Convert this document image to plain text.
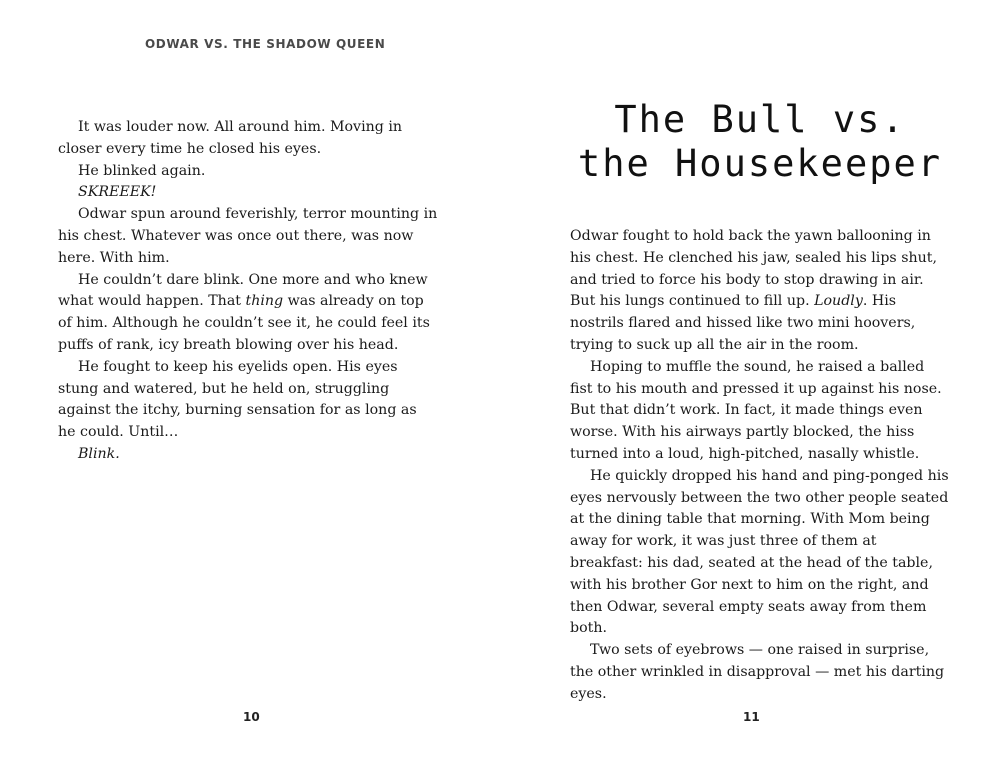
ODWAR VS. THE SHADOW QUEEN

It was louder now. All around him. Moving in closer every time he closed his eyes.

He blinked again.

SKREEEK!

Odwar spun around feverishly, terror mounting in his chest. Whatever was once out there, was now here. With him.

He couldn’t dare blink. One more and who knew what would happen. That thing was already on top of him. Although he couldn’t see it, he could feel its puffs of rank, icy breath blowing over his head.

He fought to keep his eyelids open. His eyes stung and watered, but he held on, struggling against the itchy, burning sensation for as long as he could. Until…

Blink.

10
The Bull vs.
the Housekeeper

Odwar fought to hold back the yawn ballooning in his chest. He clenched his jaw, sealed his lips shut, and tried to force his body to stop drawing in air. But his lungs continued to fill up. Loudly. His nostrils flared and hissed like two mini hoovers, trying to suck up all the air in the room.

Hoping to muffle the sound, he raised a balled fist to his mouth and pressed it up against his nose. But that didn’t work. In fact, it made things even worse. With his airways partly blocked, the hiss turned into a loud, high-pitched, nasally whistle.

He quickly dropped his hand and ping-ponged his eyes nervously between the two other people seated at the dining table that morning. With Mom being away for work, it was just three of them at breakfast: his dad, seated at the head of the table, with his brother Gor next to him on the right, and then Odwar, several empty seats away from them both.

Two sets of eyebrows — one raised in surprise, the other wrinkled in disapproval — met his darting eyes.

11
